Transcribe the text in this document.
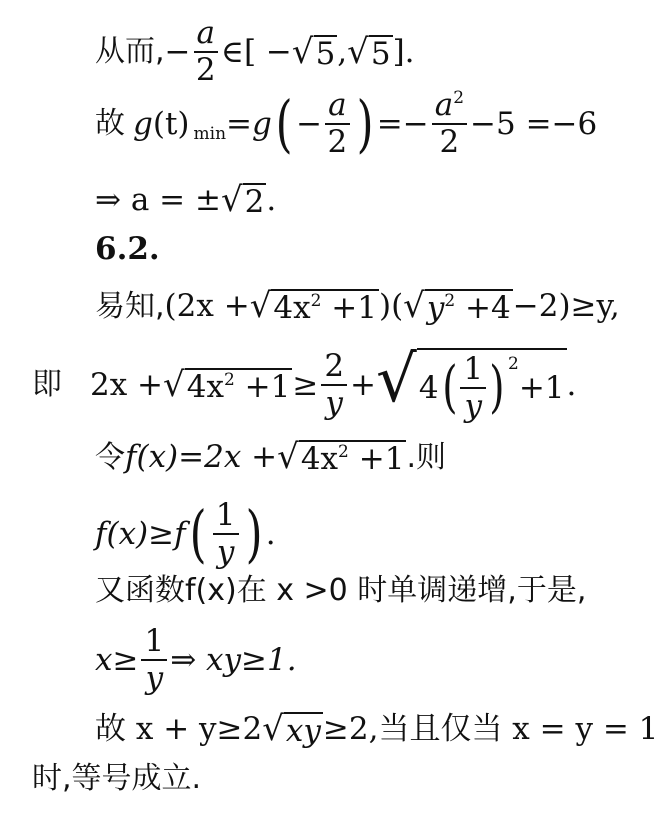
从而, − $\frac{a}{2}$ ∈[ − √ 5 , √ 5 ].
故 g (t) min = g ( − $\frac{a}{2}$ ) =− $\frac{a^2}{2} -5 =-6$
⇒ a = ± √ 2 .
6.2.
易知, (2x + √ $4x^2 +1$ )( √ $y^2 +4 -2)\ge y$,
即 2x + √ $4x^2 +1 \ge \frac{2}{y}$ + √ 4 ( $\frac{1}{y}$ ) 2
+1 .
令 f(x)=2x + √ $4x^2 +1$ .则
f(x)≥f ( $\frac{1}{y}$ ) .
又函数f(x)在 x >0 时单调递增,于是,
$x\ge \frac{1}{y}$ ⇒ xy≥1.
故 x + y≥2 √ xy ≥2,当且仅当 x = y = 1
时,等号成立.
